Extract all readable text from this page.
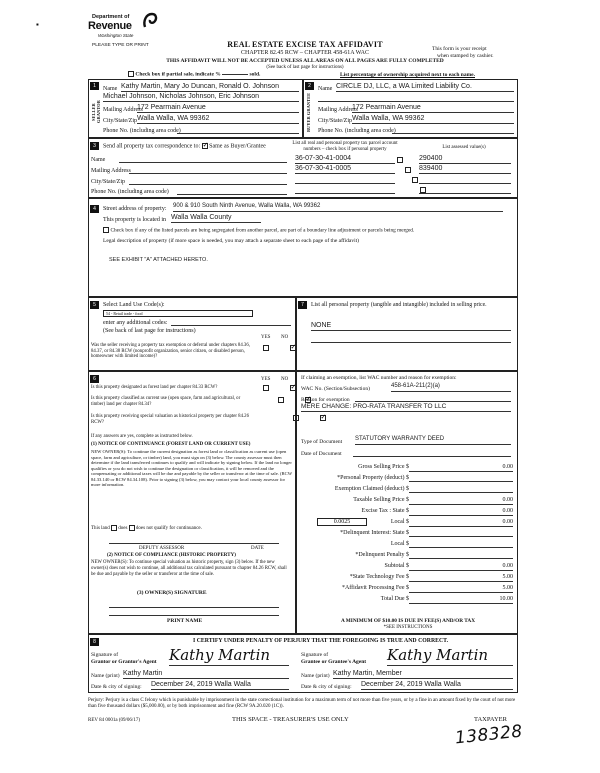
Department of
Revenue
Washington State
▪
PLEASE TYPE OR PRINT	REAL ESTATE EXCISE TAX AFFIDAVIT
CHAPTER 82.45 RCW – CHAPTER 458-61A WAC
THIS AFFIDAVIT WILL NOT BE ACCEPTED UNLESS ALL AREAS ON ALL PAGES ARE FULLY COMPLETED
(See back of last page for instructions)
This form is your receipt
when stamped by cashier.
Check box if partial sale, indicate %	sold.	List percentage of ownership acquired next to each name.
1
SELLER GRANTOR
Name Kathy Martin, Mary Jo Duncan, Ronald O. Johnson
Michael Johnson, Nicholas Johnson, Eric Johnson
Mailing Address
172 Pearmain Avenue
City/State/Zip Walla Walla, WA 99362
Phone No. (including area code)
2
BUYER GRANTEE
Name CIRCLE DJ, LLC, a WA Limited Liability Co.
Mailing Address
172 Pearmain Avenue
City/State/Zip Walla Walla, WA 99362
Phone No. (including area code)
3	Send all property tax correspondence to: ✓ Same as Buyer/Grantee
Name
Mailing Address
City/State/Zip
Phone No. (including area code)
List all real and personal property tax parcel account numbers – check box if personal property	List assessed value(s)
36-07-30-41-0004
	290400
36-07-30-41-0005
	839400

4	Street address of property: 900 & 910 South Ninth Avenue, Walla Walla, WA 99362
This property is located in Walla Walla County
Check box if any of the listed parcels are being segregated from another parcel, are part of a boundary line adjustment or parcels being merged.
Legal description of property (if more space is needed, you may attach a separate sheet to each page of the affidavit)
SEE EXHIBIT "A" ATTACHED HERETO.
5	Select Land Use Code(s):
54 - Retail trade - food
enter any additional codes:
(See back of last page for instructions)
YES NO
Was the seller receiving a property tax exemption or deferral under chapters 84.36, 84.37, or 84.38 RCW (nonprofit organization, senior citizen, or disabled person, homeowner with limited income)?
✓
7	List all personal property (tangible and intangible) included in selling price.
NONE
6	YES NO
Is this property designated as forest land per chapter 84.33 RCW?
✓
Is this property classified as current use (open space, farm and agricultural, or timber) land per chapter 84.34?
✓
Is this property receiving special valuation as historical property per chapter 84.26 RCW?
✓
If any answers are yes, complete as instructed below.
(1) NOTICE OF CONTINUANCE (FOREST LAND OR CURRENT USE)
NEW OWNER(S): To continue the current designation as forest land or classification as current use (open space, farm and agriculture, or timber) land, you must sign on (3) below. The county assessor must then determine if the land transferred continues to qualify and will indicate by signing below. If the land no longer qualifies or you do not wish to continue the designation or classification, it will be removed and the compensating or additional taxes will be due and payable by the seller or transferor at the time of sale. (RCW 84.33.140 or RCW 84.34.108). Prior to signing (3) below, you may contact your local county assessor for more information.
This land does does not qualify for continuance.
DEPUTY ASSESSOR	DATE
(2) NOTICE OF COMPLIANCE (HISTORIC PROPERTY)
NEW OWNER(S): To continue special valuation as historic property, sign (3) below. If the new owner(s) does not wish to continue, all additional tax calculated pursuant to chapter 84.26 RCW, shall be due and payable by the seller or transferor at the time of sale.
(3) OWNER(S) SIGNATURE
PRINT NAME
If claiming an exemption, list WAC number and reason for exemption:
WAC No. (Section/Subsection)	458-61A-211(2)(a)
Reason for exemption
MERE CHANGE: PRO-RATA TRANSFER TO LLC
Type of Document STATUTORY WARRANTY DEED
Date of Document
Gross Selling Price $	0.00
*Personal Property (deduct) $
Exemption Claimed (deduct) $
Taxable Selling Price $	0.00
Excise Tax : State $	0.00
0.0025	Local $	0.00
*Delinquent Interest: State $
Local $
*Delinquent Penalty $
Subtotal $	0.00
*State Technology Fee $	5.00
*Affidavit Processing Fee $	5.00
Total Due $	10.00
A MINIMUM OF $10.00 IS DUE IN FEE(S) AND/OR TAX
*SEE INSTRUCTIONS
8	I CERTIFY UNDER PENALTY OF PERJURY THAT THE FOREGOING IS TRUE AND CORRECT.
Signature of
Grantor or Grantor's Agent Kathy Martin
Name (print) Kathy Martin
Date & city of signing: December 24, 2019 Walla Walla
Signature of
Grantee or Grantee's Agent Kathy Martin
Name (print) Kathy Martin, Member
Date & city of signing: December 24, 2019 Walla Walla
Perjury: Perjury is a class C felony which is punishable by imprisonment in the state correctional institution for a maximum term of not more than five years, or by a fine in an amount fixed by the court of not more than five thousand dollars ($5,000.00), or by both imprisonment and fine (RCW 9A.20.020 (1C)).
REV 84 0001a (09/06/17)	THIS SPACE - TREASURER'S USE ONLY	TAXPAYER
138328
